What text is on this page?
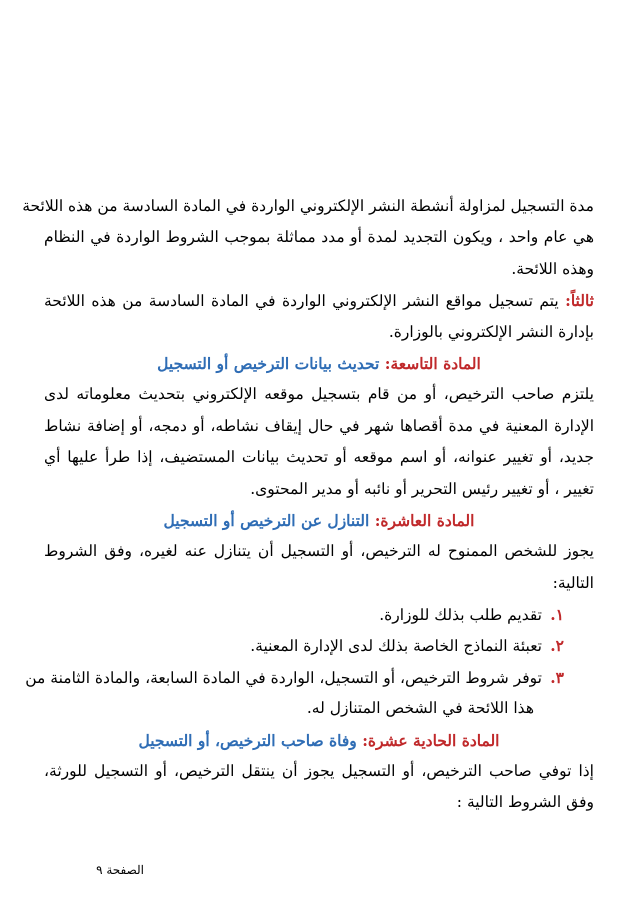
مدة التسجيل لمزاولة أنشطة النشر الإلكتروني الواردة في المادة السادسة من هذه اللائحة
هي عام واحد ، ويكون التجديد لمدة أو مدد مماثلة بموجب الشروط الواردة في النظام
وهذه اللائحة.
ثالثاً: يتم تسجيل مواقع النشر الإلكتروني الواردة في المادة السادسة من هذه اللائحة
بإدارة النشر الإلكتروني بالوزارة.
المادة التاسعة: تحديث بيانات الترخيص أو التسجيل
يلتزم صاحب الترخيص، أو من قام بتسجيل موقعه الإلكتروني بتحديث معلوماته لدى
الإدارة المعنية في مدة أقصاها شهر في حال إيقاف نشاطه، أو دمجه، أو إضافة نشاط
جديد، أو تغيير عنوانه، أو اسم موقعه أو تحديث بيانات المستضيف، إذا طرأ عليها أي
تغيير ، أو تغيير رئيس التحرير أو نائبه أو مدير المحتوى.
المادة العاشرة: التنازل عن الترخيص أو التسجيل
يجوز للشخص الممنوح له الترخيص، أو التسجيل أن يتنازل عنه لغيره، وفق الشروط
التالية:
١.تقديم طلب بذلك للوزارة.
٢.تعبئة النماذج الخاصة بذلك لدى الإدارة المعنية.
٣.توفر شروط الترخيص، أو التسجيل، الواردة في المادة السابعة، والمادة الثامنة من
هذا اللائحة في الشخص المتنازل له.
المادة الحادية عشرة: وفاة صاحب الترخيص، أو التسجيل
إذا توفي صاحب الترخيص، أو التسجيل يجوز أن ينتقل الترخيص، أو التسجيل للورثة،
وفق الشروط التالية :
الصفحة ٩
